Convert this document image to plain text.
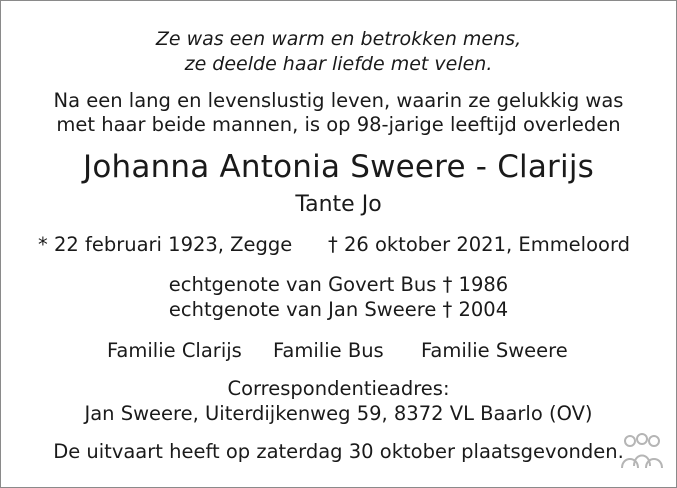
Ze was een warm en betrokken mens,
ze deelde haar liefde met velen.
Na een lang en levenslustig leven, waarin ze gelukkig was
met haar beide mannen, is op 98-jarige leeftijd overleden
Johanna Antonia Sweere - Clarijs
Tante Jo
* 22 februari 1923, Zegge † 26 oktober 2021, Emmeloord
echtgenote van Govert Bus † 1986
echtgenote van Jan Sweere † 2004
Familie Clarijs Familie Bus Familie Sweere
Correspondentieadres:
Jan Sweere, Uiterdijkenweg 59, 8372 VL Baarlo (OV)
De uitvaart heeft op zaterdag 30 oktober plaatsgevonden.
